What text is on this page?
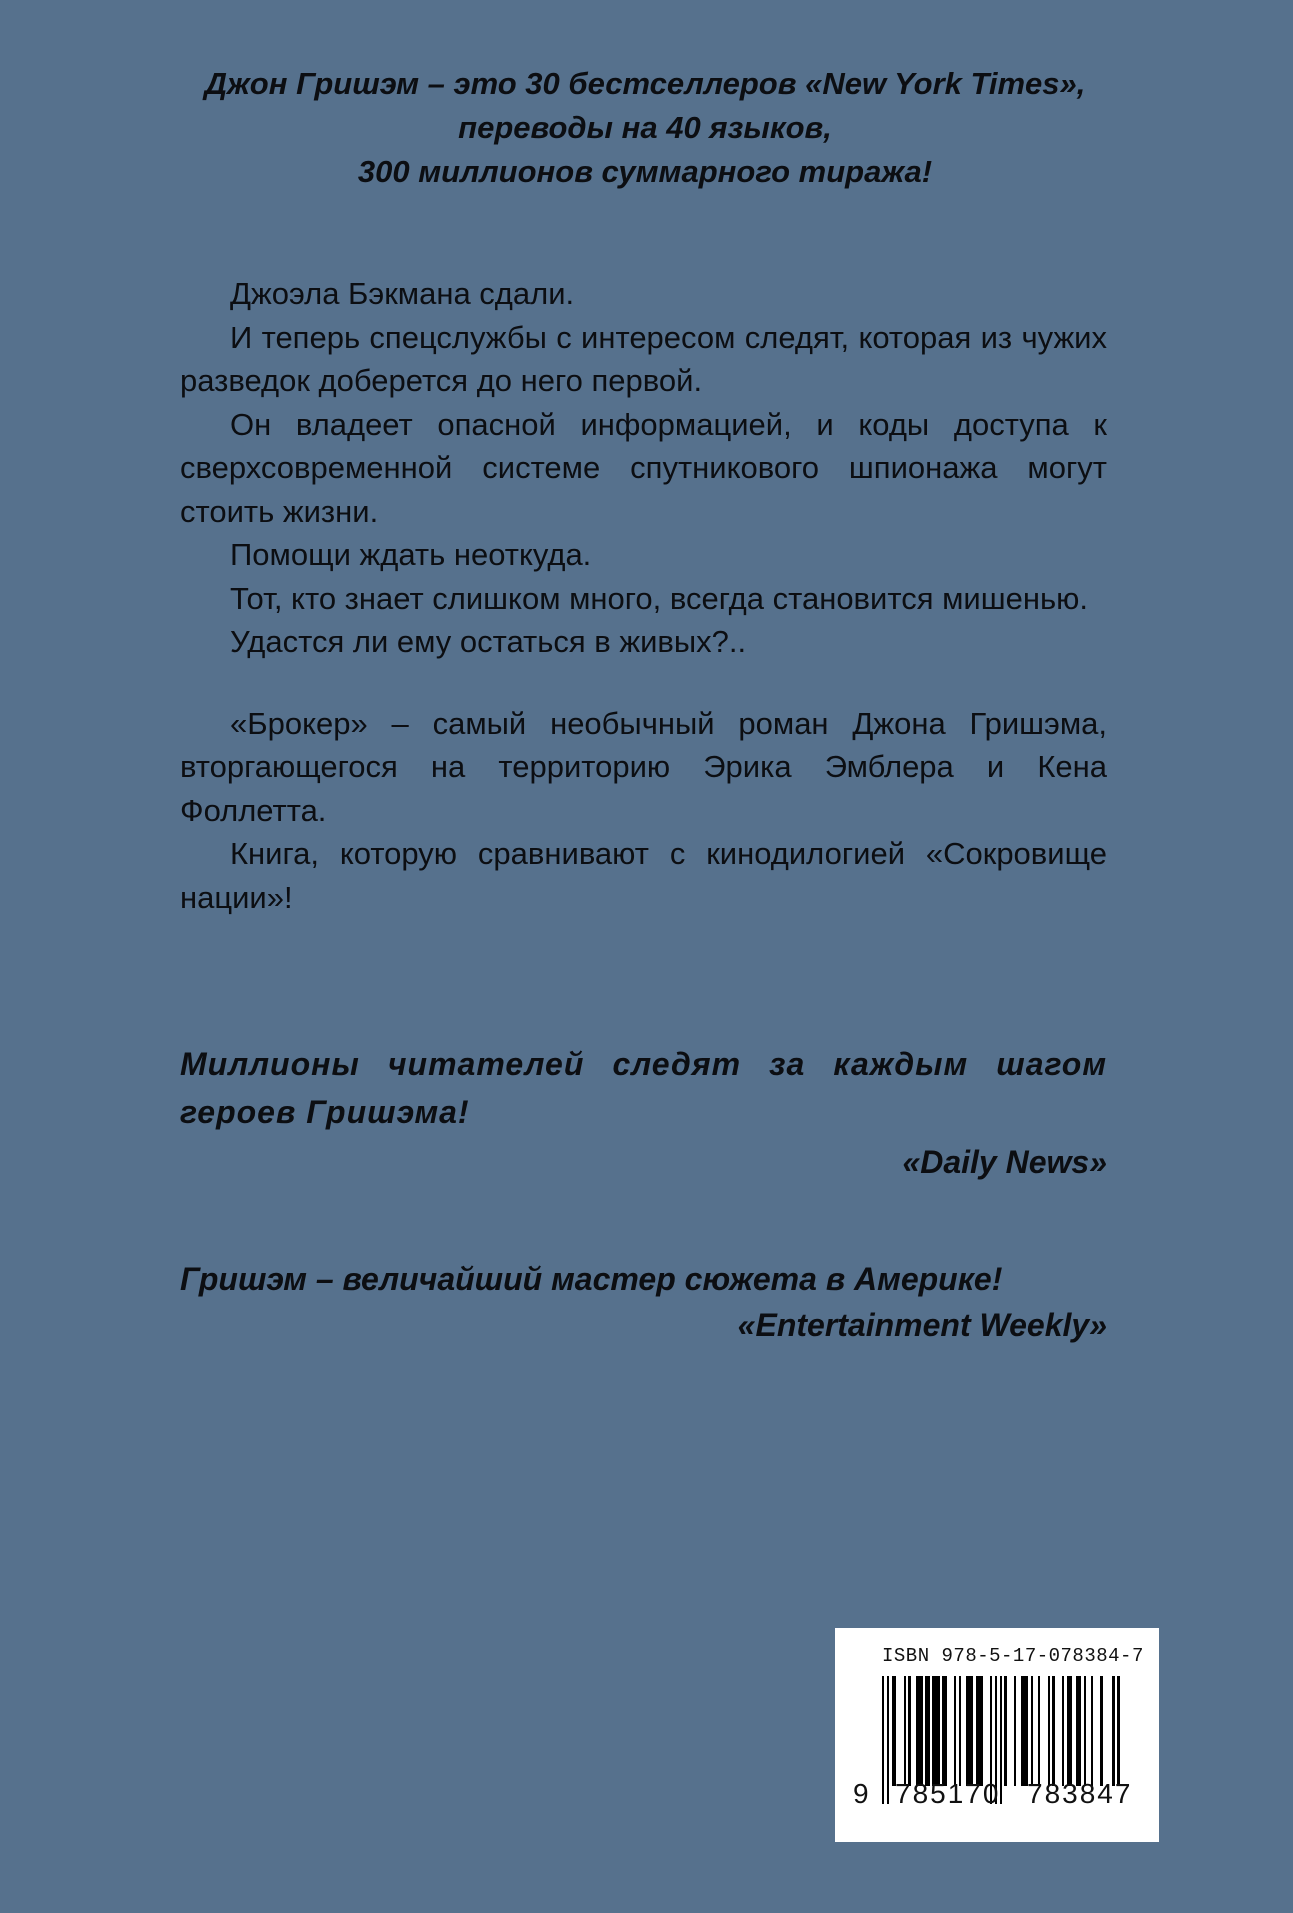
Джон Гришэм – это 30 бестселлеров «New York Times»,
переводы на 40 языков,
300 миллионов суммарного тиража!

Джоэла Бэкмана сдали.

И теперь спецслужбы с интересом следят, которая из чужих разведок доберется до него первой.

Он владеет опасной информацией, и коды доступа к сверхсовременной системе спутникового шпионажа могут стоить жизни.

Помощи ждать неоткуда.

Тот, кто знает слишком много, всегда становится мишенью.

Удастся ли ему остаться в живых?..

«Брокер» – самый необычный роман Джона Гришэма, вторгающегося на территорию Эрика Эмблера и Кена Фоллетта.

Книга, которую сравнивают с кинодилогией «Сокровище нации»!

Миллионы читателей следят за каждым шагом героев Гришэма!
«Daily News»
Гришэм – величайший мастер сюжета в Америке!
«Entertainment Weekly»
ISBN 978-5-17-078384-7
9 785170 783847
